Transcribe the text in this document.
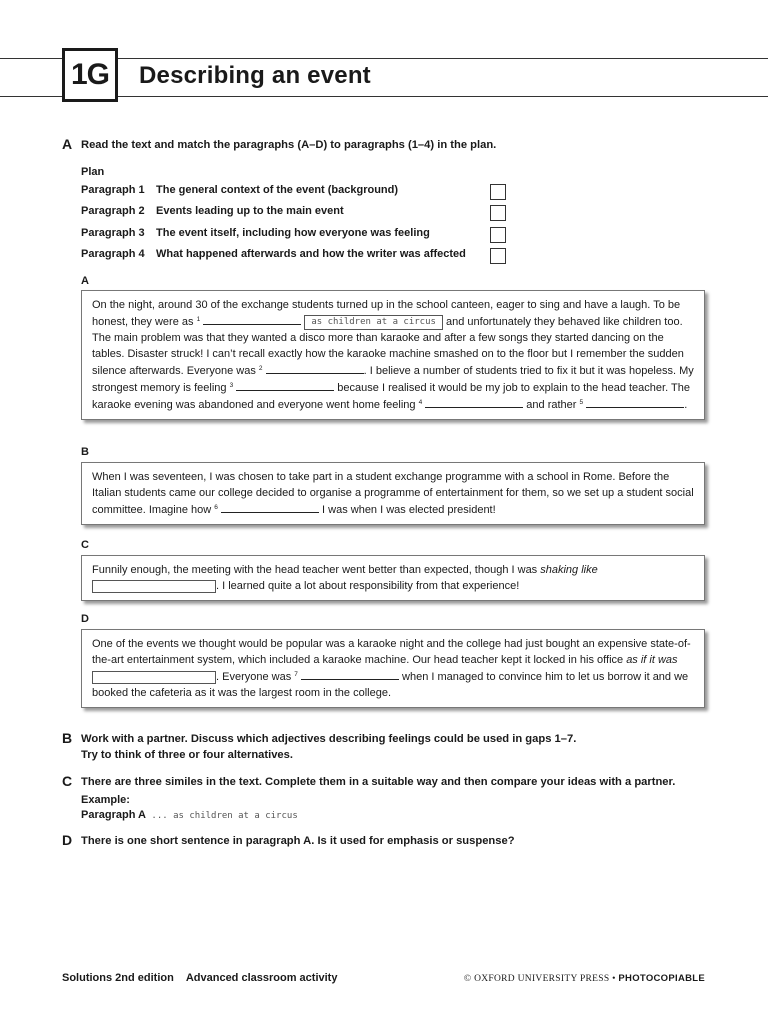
1G	Describing an event
A Read the text and match the paragraphs (A–D) to paragraphs (1–4) in the plan.
Plan
Paragraph 1 The general context of the event (background)
Paragraph 2 Events leading up to the main event
Paragraph 3 The event itself, including how everyone was feeling
Paragraph 4 What happened afterwards and how the writer was affected
A

On the night, around 30 of the exchange students turned up in the school canteen, eager to sing and have a laugh. To be honest, they were as $^1$	as children at a circus and unfortunately they behaved like children too. The main problem was that they wanted a disco more than karaoke and after a few songs they started dancing on the tables. Disaster struck! I can’t recall exactly how the karaoke machine smashed on to the floor but I remember the sudden silence afterwards. Everyone was $^2$	. I believe a number of students tried to fix it but it was hopeless. My strongest memory is feeling $^3$	because I realised it would be my job to explain to the head teacher. The karaoke evening was abandoned and everyone went home feeling $^4$	and rather $^5$	.

B

When I was seventeen, I was chosen to take part in a student exchange programme with a school in Rome. Before the Italian students came our college decided to organise a programme of entertainment for them, so we set up a student social committee. Imagine how $^6$	I was when I was elected president!

C

Funnily enough, the meeting with the head teacher went better than expected, though I was shaking like
. I learned quite a lot about responsibility from that experience!

D

One of the events we thought would be popular was a karaoke night and the college had just bought an expensive state-of-the-art entertainment system, which included a karaoke machine. Our head teacher kept it locked in his office as if it was . Everyone was $^7$	when I managed to convince him to let us borrow it and we booked the cafeteria as it was the largest room in the college.

B Work with a partner. Discuss which adjectives describing feelings could be used in gaps 1–7.
Try to think of three or four alternatives.
C There are three similes in the text. Complete them in a suitable way and then compare your ideas with a partner.
Example:
Paragraph A ... as children at a circus
D There is one short sentence in paragraph A. Is it used for emphasis or suspense?
Solutions 2nd edition Advanced classroom activity	© OXFORD UNIVERSITY PRESS • PHOTOCOPIABLE
